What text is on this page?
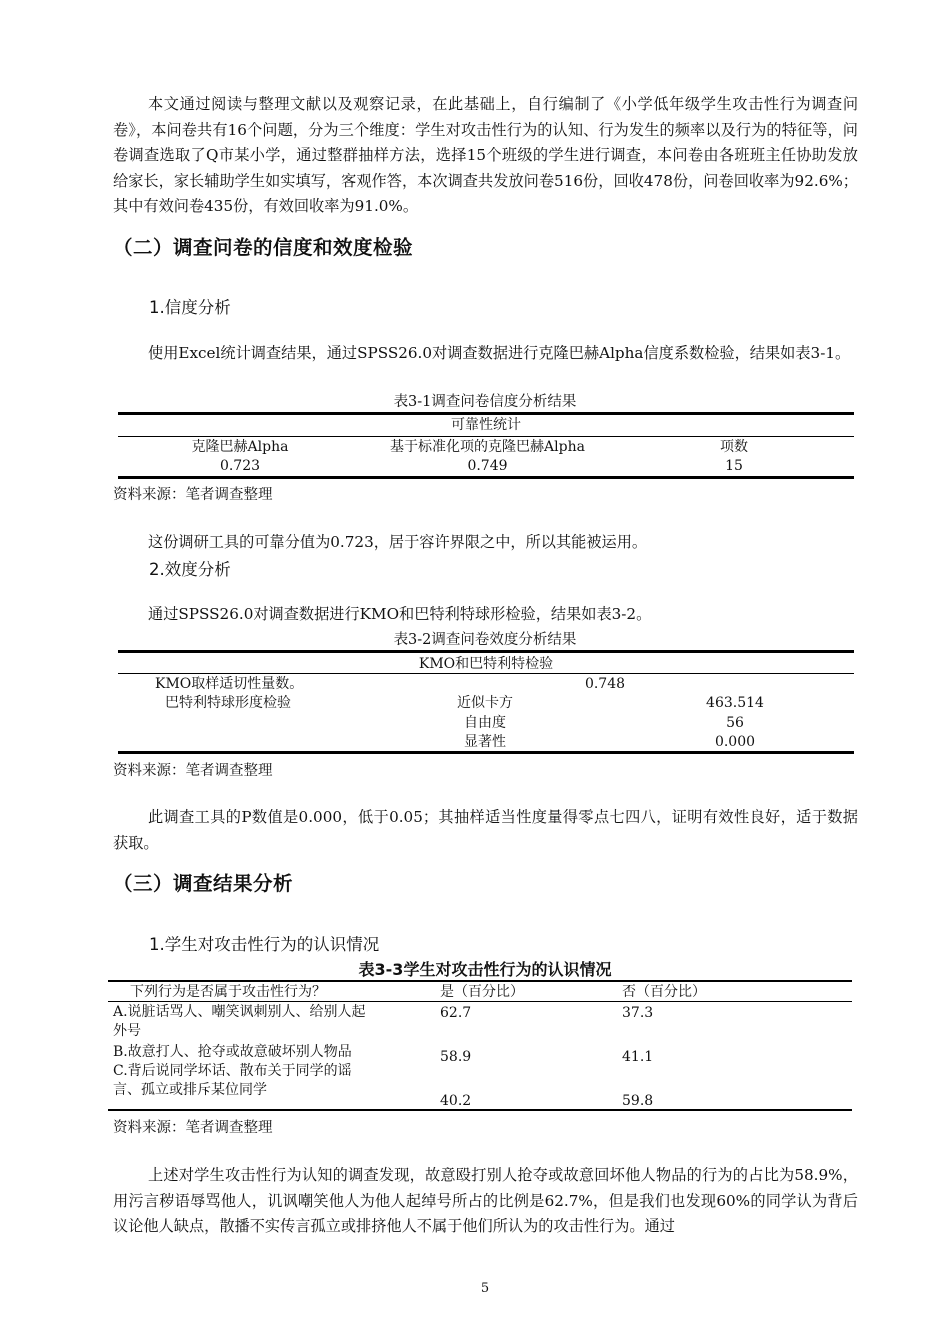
本文通过阅读与整理文献以及观察记录，在此基础上，自行编制了《小学低年级学生攻击性行为调查问卷》，本问卷共有16个问题，分为三个维度：学生对攻击性行为的认知、行为发生的频率以及行为的特征等，问卷调查选取了Q市某小学，通过整群抽样方法，选择15个班级的学生进行调查，本问卷由各班班主任协助发放给家长，家长辅助学生如实填写，客观作答，本次调查共发放问卷516份，回收478份，问卷回收率为92.6%；其中有效问卷435份，有效回收率为91.0%。

（二）调查问卷的信度和效度检验
1.信度分析

使用Excel统计调查结果，通过SPSS26.0对调查数据进行克隆巴赫Alpha信度系数检验，结果如表3-1。

表3-1调查问卷信度分析结果
可靠性统计
克隆巴赫Alpha	基于标准化项的克隆巴赫Alpha	项数
0.723	0.749	15
资料来源：笔者调查整理

这份调研工具的可靠分值为0.723，居于容许界限之中，所以其能被运用。

2.效度分析

通过SPSS26.0对调查数据进行KMO和巴特利特球形检验，结果如表3-2。

表3-2调查问卷效度分析结果
KMO和巴特利特检验
KMO取样适切性量数。	0.748
巴特利特球形度检验	近似卡方	463.514
自由度	56
显著性	0.000
资料来源：笔者调查整理

此调查工具的P数值是0.000，低于0.05；其抽样适当性度量得零点七四八，证明有效性良好，适于数据获取。

（三）调查结果分析
1.学生对攻击性行为的认识情况
表3-3学生对攻击性行为的认识情况
下列行为是否属于攻击性行为？	是（百分比）	否（百分比）
A.说脏话骂人、嘲笑讽刺别人、给别人起
外号
62.7	37.3
B.故意打人、抢夺或故意破坏别人物品	58.9	41.1
C.背后说同学坏话、散布关于同学的谣
言、孤立或排斥某位同学
40.2	59.8
资料来源：笔者调查整理

上述对学生攻击性行为认知的调查发现，故意殴打别人抢夺或故意回坏他人物品的行为的占比为58.9%，用污言秽语辱骂他人，讥讽嘲笑他人为他人起绰号所占的比例是62.7%，但是我们也发现60%的同学认为背后议论他人缺点，散播不实传言孤立或排挤他人不属于他们所认为的攻击性行为。通过

5
